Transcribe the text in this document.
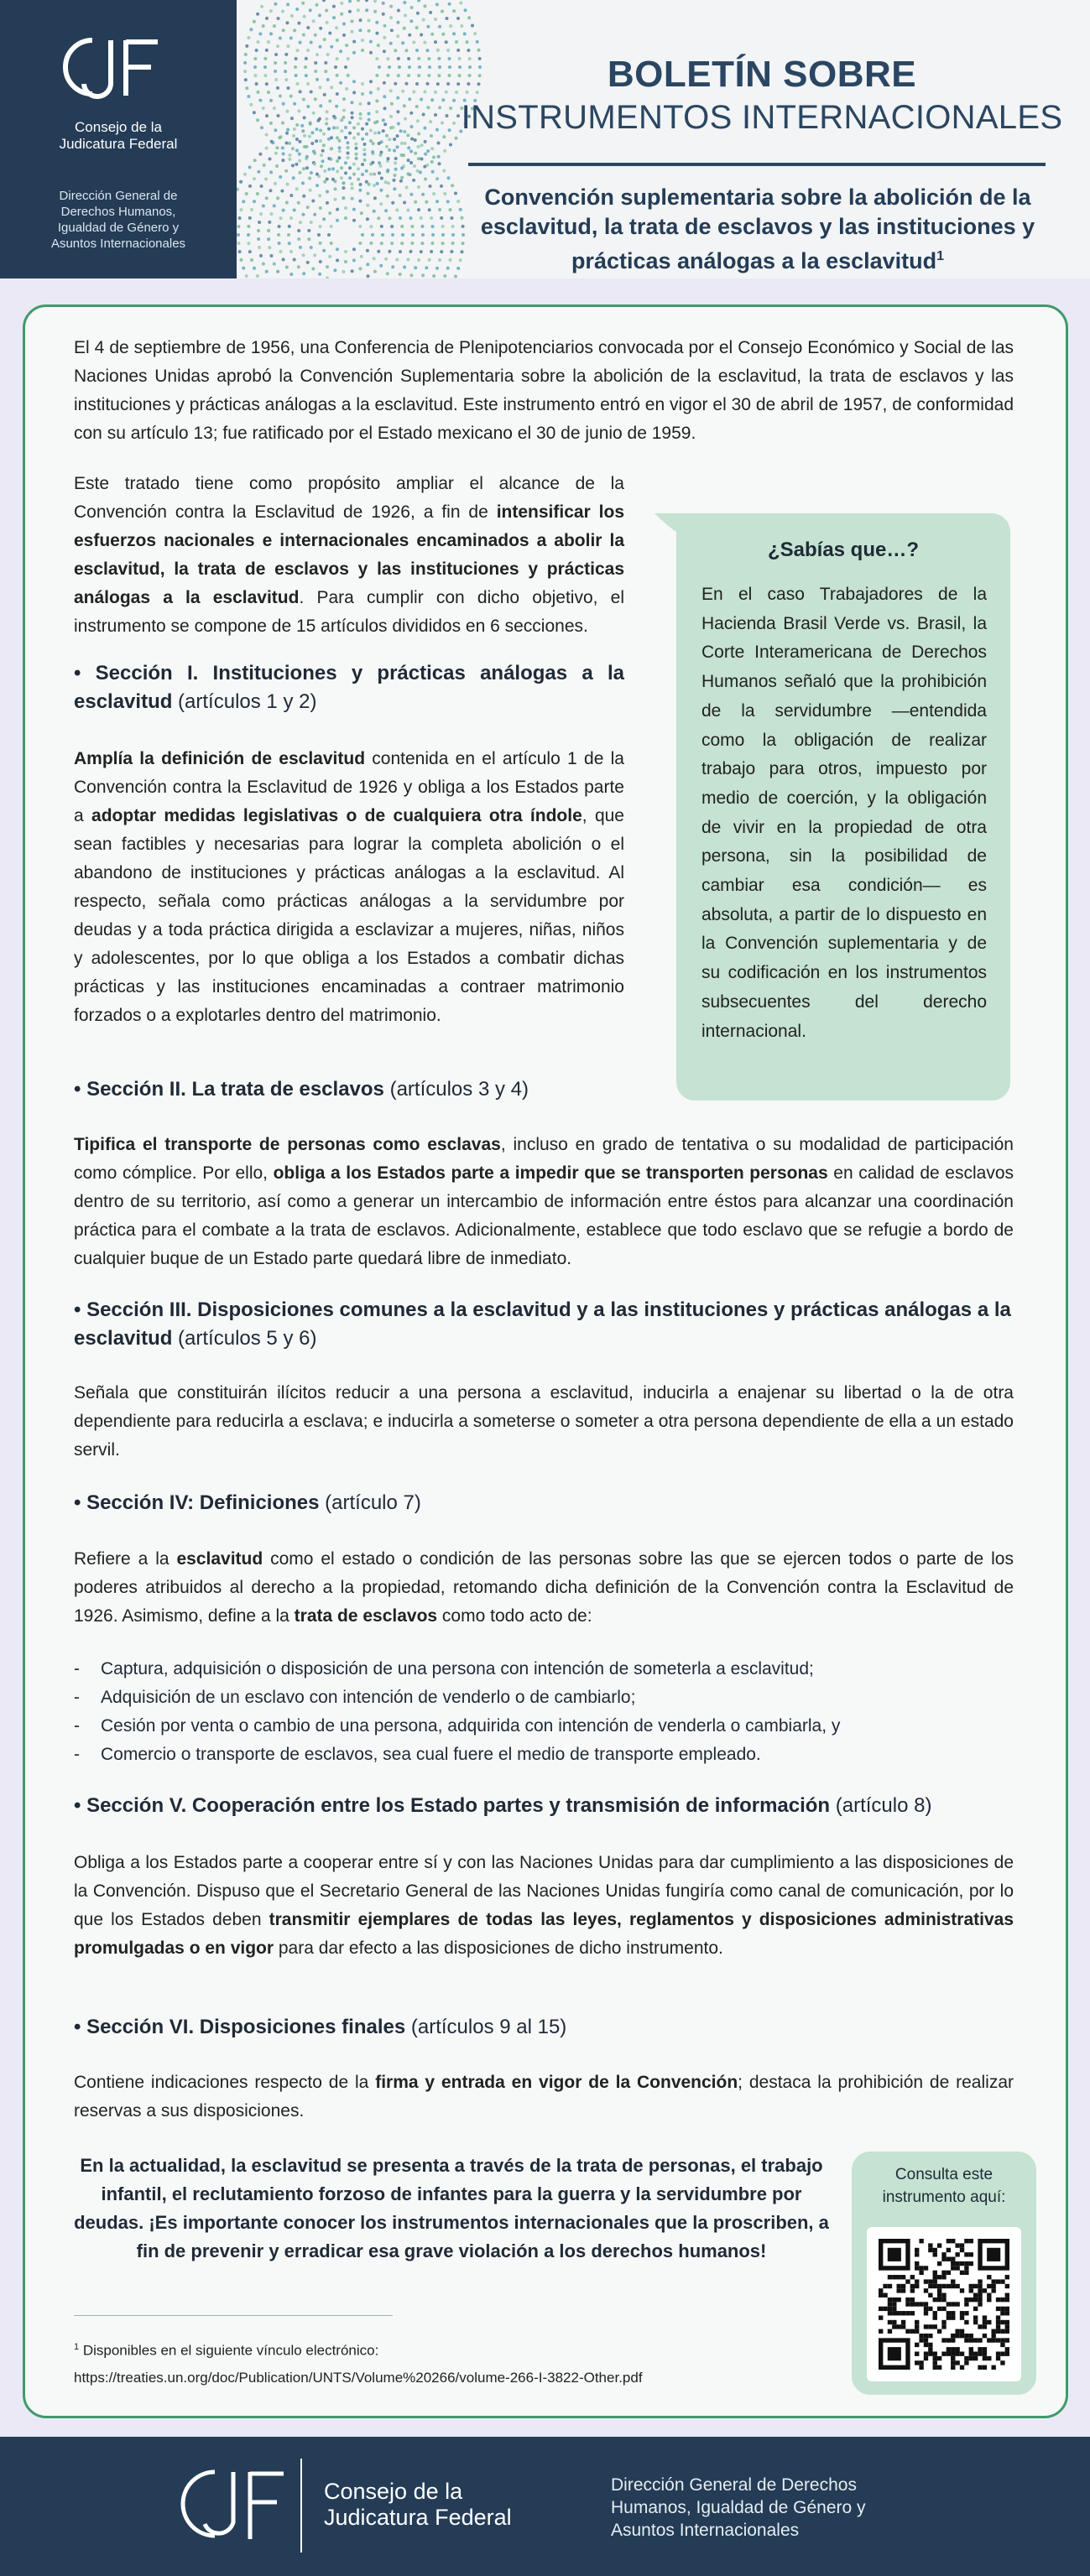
Consejo de la
Judicatura Federal
Dirección General de
Derechos Humanos,
Igualdad de Género y
Asuntos Internacionales
BOLETÍN SOBRE
INSTRUMENTOS INTERNACIONALES
Convención suplementaria sobre la abolición de la esclavitud, la trata de esclavos y las instituciones y prácticas análogas a la esclavitud$^1$
El 4 de septiembre de 1956, una Conferencia de Plenipotenciarios convocada por el Consejo Económico y Social de las Naciones Unidas aprobó la Convención Suplementaria sobre la abolición de la esclavitud, la trata de esclavos y las instituciones y prácticas análogas a la esclavitud. Este instrumento entró en vigor el 30 de abril de 1957, de conformidad con su artículo 13; fue ratificado por el Estado mexicano el 30 de junio de 1959.
Este tratado tiene como propósito ampliar el alcance de la Convención contra la Esclavitud de 1926, a fin de intensificar los esfuerzos nacionales e internacionales encaminados a abolir la esclavitud, la trata de esclavos y las instituciones y prácticas análogas a la esclavitud. Para cumplir con dicho objetivo, el instrumento se compone de 15 artículos divididos en 6 secciones.
¿Sabías que…?
En el caso Trabajadores de la Hacienda Brasil Verde vs. Brasil, la Corte Interamericana de Derechos Humanos señaló que la prohibición de la servidumbre —entendida como la obligación de realizar trabajo para otros, impuesto por medio de coerción, y la obligación de vivir en la propiedad de otra persona, sin la posibilidad de cambiar esa condición— es absoluta, a partir de lo dispuesto en la Convención suplementaria y de su codificación en los instrumentos subsecuentes del derecho internacional.
• Sección I. Instituciones y prácticas análogas a la esclavitud (artículos 1 y 2)
Amplía la definición de esclavitud contenida en el artículo 1 de la Convención contra la Esclavitud de 1926 y obliga a los Estados parte a adoptar medidas legislativas o de cualquiera otra índole, que sean factibles y necesarias para lograr la completa abolición o el abandono de instituciones y prácticas análogas a la esclavitud. Al respecto, señala como prácticas análogas a la servidumbre por deudas y a toda práctica dirigida a esclavizar a mujeres, niñas, niños y adolescentes, por lo que obliga a los Estados a combatir dichas prácticas y las instituciones encaminadas a contraer matrimonio forzados o a explotarles dentro del matrimonio.
• Sección II. La trata de esclavos (artículos 3 y 4)
Tipifica el transporte de personas como esclavas, incluso en grado de tentativa o su modalidad de participación como cómplice. Por ello, obliga a los Estados parte a impedir que se transporten personas en calidad de esclavos dentro de su territorio, así como a generar un intercambio de información entre éstos para alcanzar una coordinación práctica para el combate a la trata de esclavos. Adicionalmente, establece que todo esclavo que se refugie a bordo de cualquier buque de un Estado parte quedará libre de inmediato.
• Sección III. Disposiciones comunes a la esclavitud y a las instituciones y prácticas análogas a la esclavitud (artículos 5 y 6)
Señala que constituirán ilícitos reducir a una persona a esclavitud, inducirla a enajenar su libertad o la de otra dependiente para reducirla a esclava; e inducirla a someterse o someter a otra persona dependiente de ella a un estado servil.
• Sección IV: Definiciones (artículo 7)
Refiere a la esclavitud como el estado o condición de las personas sobre las que se ejercen todos o parte de los poderes atribuidos al derecho a la propiedad, retomando dicha definición de la Convención contra la Esclavitud de 1926. Asimismo, define a la trata de esclavos como todo acto de:
- Captura, adquisición o disposición de una persona con intención de someterla a esclavitud;
- Adquisición de un esclavo con intención de venderlo o de cambiarlo;
- Cesión por venta o cambio de una persona, adquirida con intención de venderla o cambiarla, y
- Comercio o transporte de esclavos, sea cual fuere el medio de transporte empleado.
• Sección V. Cooperación entre los Estado partes y transmisión de información (artículo 8)
Obliga a los Estados parte a cooperar entre sí y con las Naciones Unidas para dar cumplimiento a las disposiciones de la Convención. Dispuso que el Secretario General de las Naciones Unidas fungiría como canal de comunicación, por lo que los Estados deben transmitir ejemplares de todas las leyes, reglamentos y disposiciones administrativas promulgadas o en vigor para dar efecto a las disposiciones de dicho instrumento.
• Sección VI. Disposiciones finales (artículos 9 al 15)
Contiene indicaciones respecto de la firma y entrada en vigor de la Convención; destaca la prohibición de realizar reservas a sus disposiciones.
En la actualidad, la esclavitud se presenta a través de la trata de personas, el trabajo infantil, el reclutamiento forzoso de infantes para la guerra y la servidumbre por deudas. ¡Es importante conocer los instrumentos internacionales que la proscriben, a fin de prevenir y erradicar esa grave violación a los derechos humanos!
Consulta este
instrumento aquí:
$^1$ Disponibles en el siguiente vínculo electrónico:
https://treaties.un.org/doc/Publication/UNTS/Volume%20266/volume-266-I-3822-Other.pdf
Consejo de la
Judicatura Federal
Dirección General de Derechos
Humanos, Igualdad de Género y
Asuntos Internacionales
